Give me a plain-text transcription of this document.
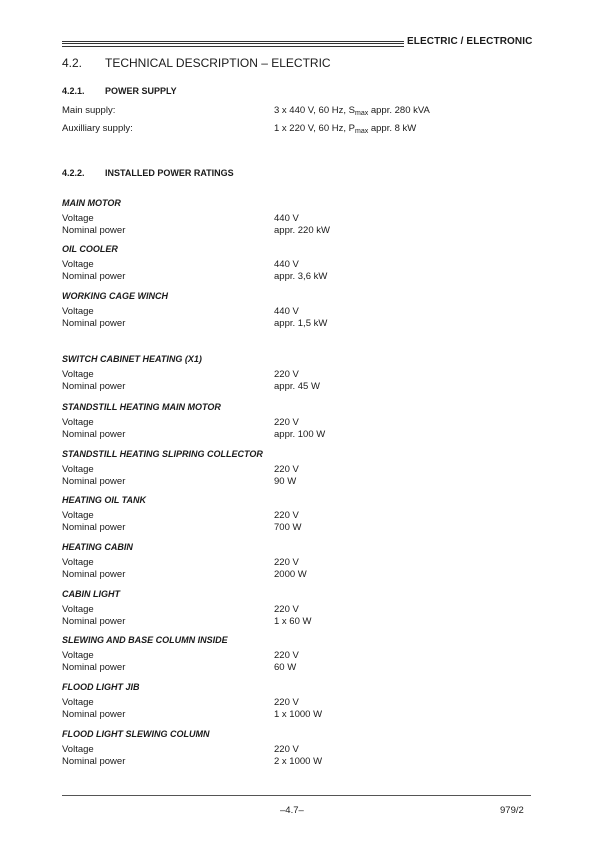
ELECTRIC / ELECTRONIC
4.2. TECHNICAL DESCRIPTION – ELECTRIC
4.2.1. POWER SUPPLY
Main supply:	3 x 440 V, 60 Hz, $S_{max}$ appr. 280 kVA
Auxilliary supply:	1 x 220 V, 60 Hz, $P_{max}$ appr. 8 kW
4.2.2. INSTALLED POWER RATINGS
MAIN MOTOR
Voltage	440 V
Nominal power	appr. 220 kW
OIL COOLER
Voltage	440 V
Nominal power	appr. 3,6 kW
WORKING CAGE WINCH
Voltage	440 V
Nominal power	appr. 1,5 kW
SWITCH CABINET HEATING (X1)
Voltage	220 V
Nominal power	appr. 45 W
STANDSTILL HEATING MAIN MOTOR
Voltage	220 V
Nominal power	appr. 100 W
STANDSTILL HEATING SLIPRING COLLECTOR
Voltage	220 V
Nominal power	90 W
HEATING OIL TANK
Voltage	220 V
Nominal power	700 W
HEATING CABIN
Voltage	220 V
Nominal power	2000 W
CABIN LIGHT
Voltage	220 V
Nominal power	1 x 60 W
SLEWING AND BASE COLUMN INSIDE
Voltage	220 V
Nominal power	60 W
FLOOD LIGHT JIB
Voltage	220 V
Nominal power	1 x 1000 W
FLOOD LIGHT SLEWING COLUMN
Voltage	220 V
Nominal power	2 x 1000 W
–4.7–	979/2
